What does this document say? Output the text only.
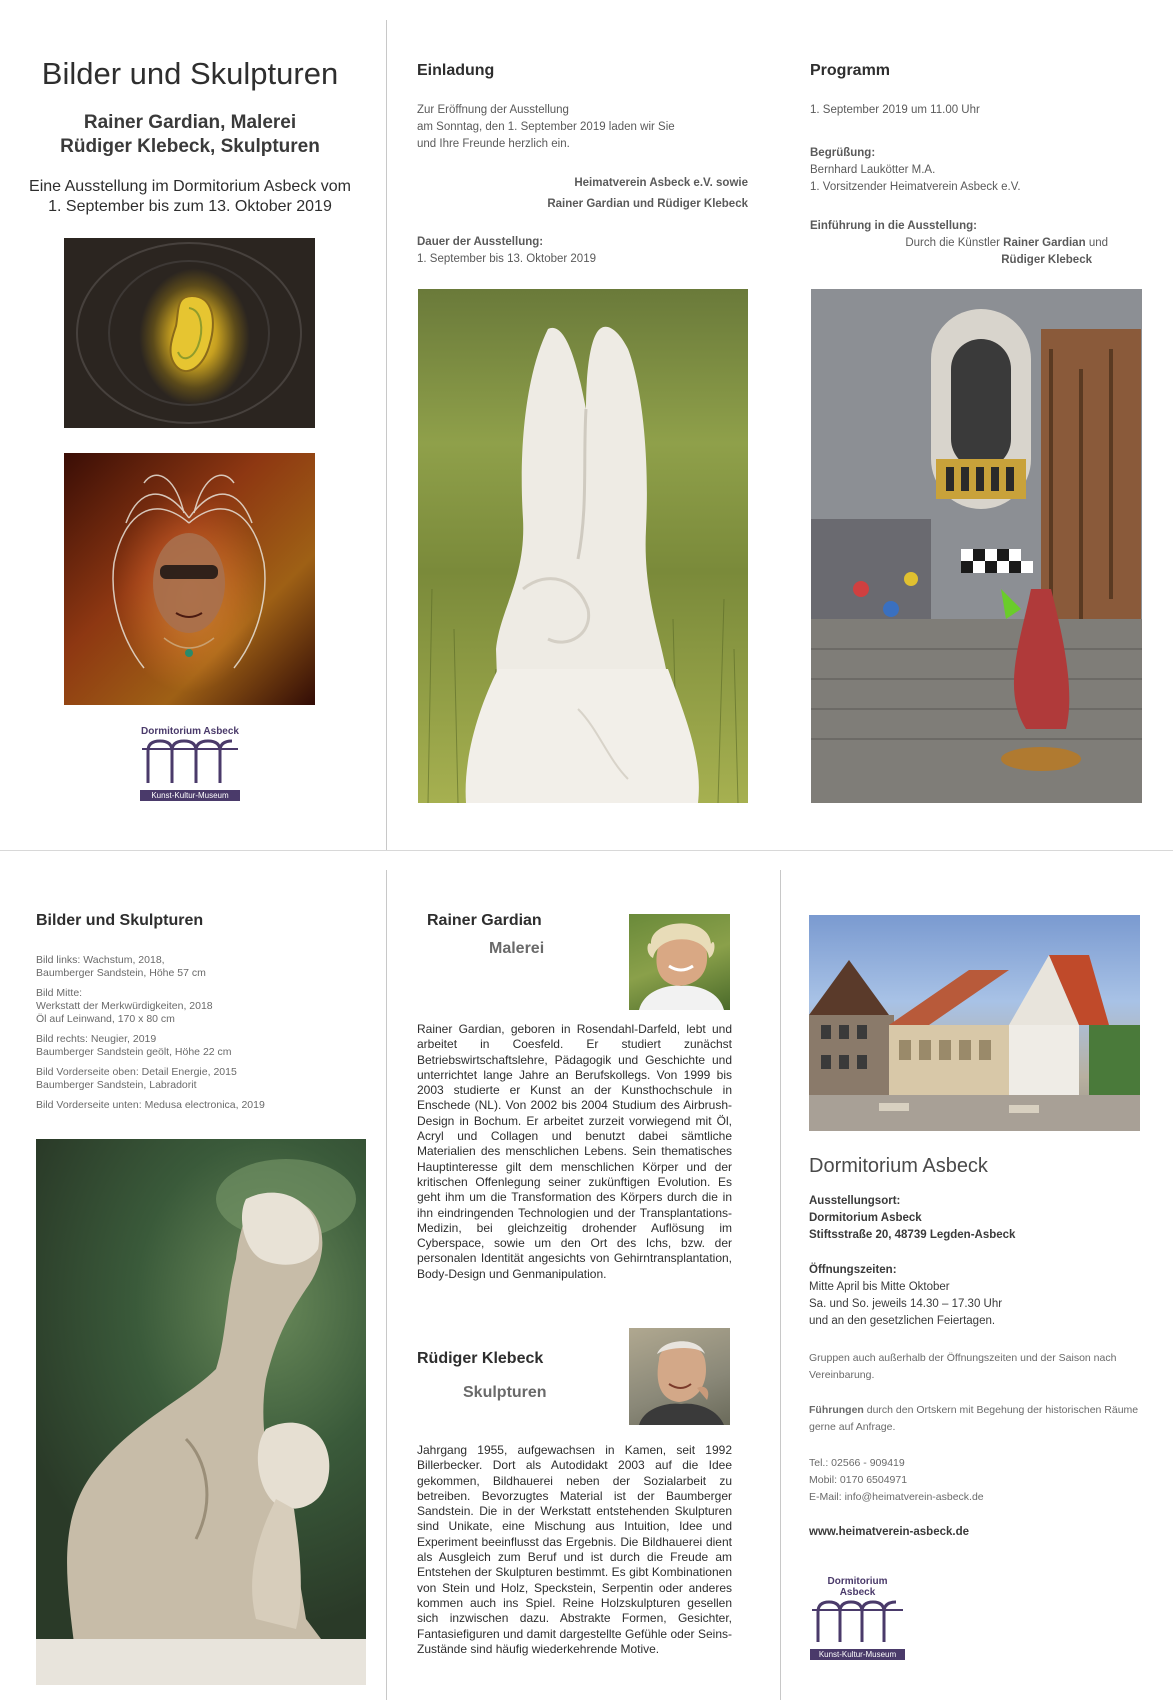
Bilder und Skulpturen
Rainer Gardian, Malerei
Rüdiger Klebeck, Skulpturen
Eine Ausstellung im Dormitorium Asbeck vom
1. September bis zum 13. Oktober 2019
Dormitorium Asbeck
Kunst-Kultur-Museum
Einladung
Zur Eröffnung der Ausstellung
am Sonntag, den 1. September 2019 laden wir Sie
und Ihre Freunde herzlich ein.
Heimatverein Asbeck e.V. sowie
Rainer Gardian und Rüdiger Klebeck
Dauer der Ausstellung:
1. September bis 13. Oktober 2019
Programm
1. September 2019 um 11.00 Uhr
Begrüßung:
Bernhard Laukötter M.A.
1. Vorsitzender Heimatverein Asbeck e.V.
Einführung in die Ausstellung:
Durch die Künstler Rainer Gardian und
Rüdiger Klebeck
Bilder und Skulpturen
Bild links: Wachstum, 2018,
Baumberger Sandstein, Höhe 57 cm
Bild Mitte:
Werkstatt der Merkwürdigkeiten, 2018
Öl auf Leinwand, 170 x 80 cm
Bild rechts: Neugier, 2019
Baumberger Sandstein geölt, Höhe 22 cm
Bild Vorderseite oben: Detail Energie, 2015
Baumberger Sandstein, Labradorit
Bild Vorderseite unten: Medusa electronica, 2019
Rainer Gardian
Malerei
Rainer Gardian, geboren in Rosendahl-Darfeld, lebt und arbeitet in Coesfeld. Er studiert zunächst Betriebswirtschaftslehre, Pädagogik und Geschichte und unterrichtet lange Jahre an Berufskollegs. Von 1999 bis 2003 studierte er Kunst an der Kunsthochschule in Enschede (NL). Von 2002 bis 2004 Studium des Airbrush-Design in Bochum. Er arbeitet zurzeit vorwiegend mit Öl, Acryl und Collagen und benutzt dabei sämtliche Materialien des menschlichen Lebens. Sein thematisches Hauptinteresse gilt dem menschlichen Körper und der kritischen Offenlegung seiner zukünftigen Evolution. Es geht ihm um die Transformation des Körpers durch die in ihn eindringenden Technologien und der Transplantations-Medizin, bei gleichzeitig drohender Auflösung im Cyberspace, sowie um den Ort des Ichs, bzw. der personalen Identität angesichts von Gehirntransplantation, Body-Design und Genmanipulation.
Rüdiger Klebeck
Skulpturen
Jahrgang 1955, aufgewachsen in Kamen, seit 1992 Billerbecker. Dort als Autodidakt 2003 auf die Idee gekommen, Bildhauerei neben der Sozialarbeit zu betreiben. Bevorzugtes Material ist der Baumberger Sandstein. Die in der Werkstatt entstehenden Skulpturen sind Unikate, eine Mischung aus Intuition, Idee und Experiment beeinflusst das Ergebnis. Die Bildhauerei dient als Ausgleich zum Beruf und ist durch die Freude am Entstehen der Skulpturen bestimmt. Es gibt Kombinationen von Stein und Holz, Speckstein, Serpentin oder anderes kommen auch ins Spiel. Reine Holzskulpturen gesellen sich inzwischen dazu. Abstrakte Formen, Gesichter, Fantasiefiguren und damit dargestellte Gefühle oder Seins-Zustände sind häufig wiederkehrende Motive.
Dormitorium Asbeck
Ausstellungsort:
Dormitorium Asbeck
Stiftsstraße 20, 48739 Legden-Asbeck
Öffnungszeiten:
Mitte April bis Mitte Oktober
Sa. und So. jeweils 14.30 – 17.30 Uhr
und an den gesetzlichen Feiertagen.
Gruppen auch außerhalb der Öffnungszeiten und der Saison nach Vereinbarung.
Führungen durch den Ortskern mit Begehung der historischen Räume gerne auf Anfrage.
Tel.: 02566 - 909419
Mobil: 0170 6504971
E-Mail: info@heimatverein-asbeck.de
www.heimatverein-asbeck.de
Dormitorium Asbeck
Kunst-Kultur-Museum
